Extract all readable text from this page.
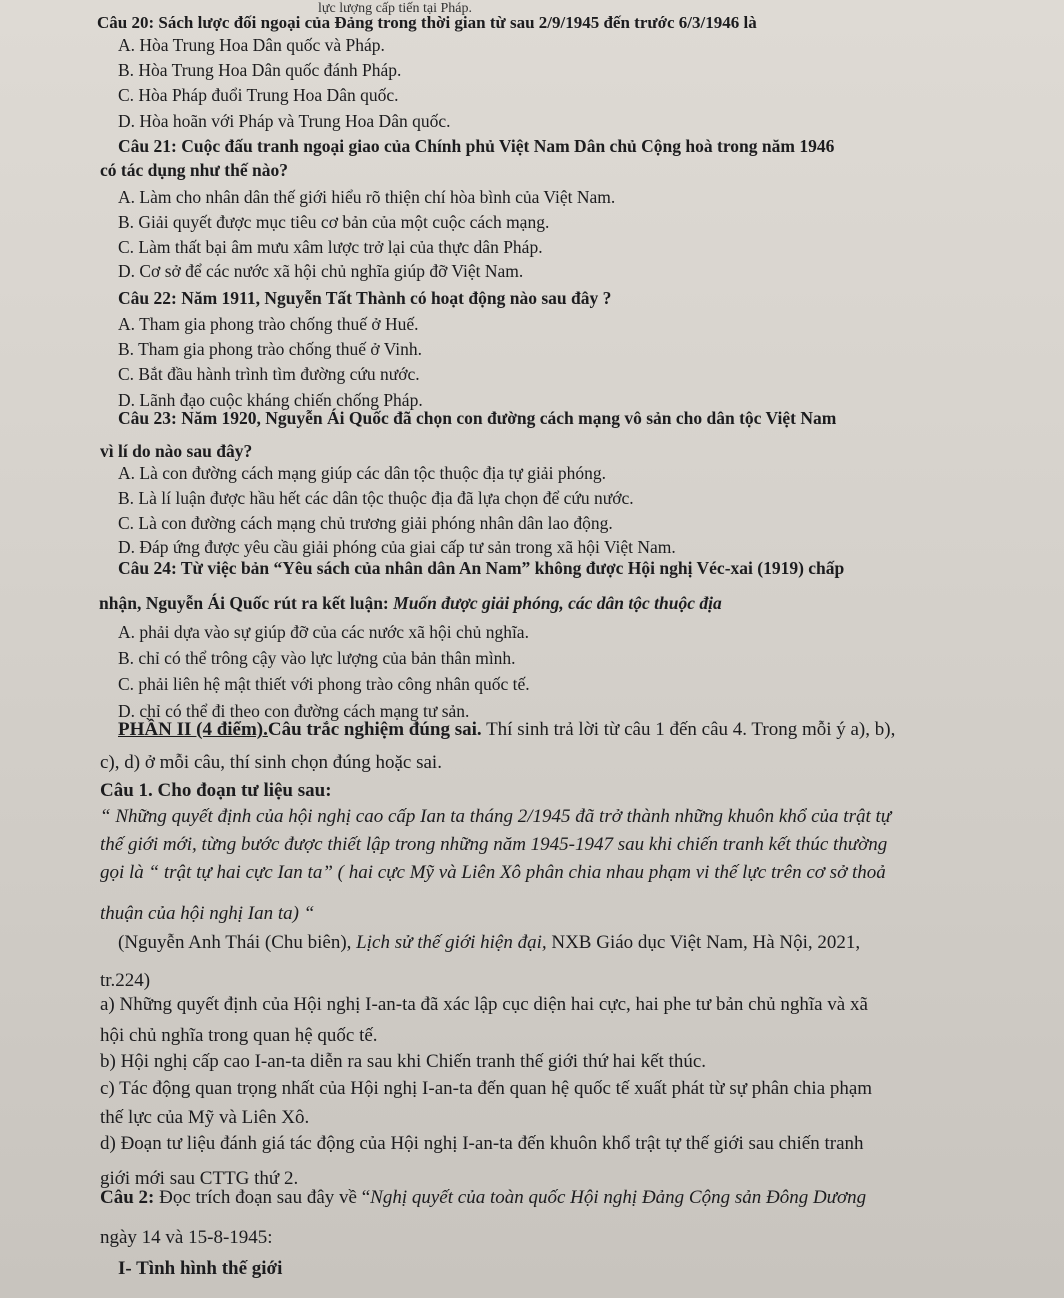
lực lượng cấp tiến tại Pháp.
Câu 20: Sách lược đối ngoại của Đảng trong thời gian từ sau 2/9/1945 đến trước 6/3/1946 là
A. Hòa Trung Hoa Dân quốc và Pháp.
B. Hòa Trung Hoa Dân quốc đánh Pháp.
C. Hòa Pháp đuổi Trung Hoa Dân quốc.
D. Hòa hoãn với Pháp và Trung Hoa Dân quốc.
Câu 21: Cuộc đấu tranh ngoại giao của Chính phủ Việt Nam Dân chủ Cộng hoà trong năm 1946
có tác dụng như thế nào?
A. Làm cho nhân dân thế giới hiểu rõ thiện chí hòa bình của Việt Nam.
B. Giải quyết được mục tiêu cơ bản của một cuộc cách mạng.
C. Làm thất bại âm mưu xâm lược trở lại của thực dân Pháp.
D. Cơ sở để các nước xã hội chủ nghĩa giúp đỡ Việt Nam.
Câu 22: Năm 1911, Nguyễn Tất Thành có hoạt động nào sau đây ?
A. Tham gia phong trào chống thuế ở Huế.
B. Tham gia phong trào chống thuế ở Vinh.
C. Bắt đầu hành trình tìm đường cứu nước.
D. Lãnh đạo cuộc kháng chiến chống Pháp.
Câu 23: Năm 1920, Nguyễn Ái Quốc đã chọn con đường cách mạng vô sản cho dân tộc Việt Nam
vì lí do nào sau đây?
A. Là con đường cách mạng giúp các dân tộc thuộc địa tự giải phóng.
B. Là lí luận được hầu hết các dân tộc thuộc địa đã lựa chọn để cứu nước.
C. Là con đường cách mạng chủ trương giải phóng nhân dân lao động.
D. Đáp ứng được yêu cầu giải phóng của giai cấp tư sản trong xã hội Việt Nam.
Câu 24: Từ việc bản “Yêu sách của nhân dân An Nam” không được Hội nghị Véc-xai (1919) chấp
nhận, Nguyễn Ái Quốc rút ra kết luận: Muốn được giải phóng, các dân tộc thuộc địa
A. phải dựa vào sự giúp đỡ của các nước xã hội chủ nghĩa.
B. chỉ có thể trông cậy vào lực lượng của bản thân mình.
C. phải liên hệ mật thiết với phong trào công nhân quốc tế.
D. chỉ có thể đi theo con đường cách mạng tư sản.
PHẦN II (4 điểm).Câu trắc nghiệm đúng sai. Thí sinh trả lời từ câu 1 đến câu 4. Trong mỗi ý a), b),
c), d) ở mỗi câu, thí sinh chọn đúng hoặc sai.
Câu 1. Cho đoạn tư liệu sau:
“ Những quyết định của hội nghị cao cấp Ian ta tháng 2/1945 đã trở thành những khuôn khổ của trật tự
thế giới mới, từng bước được thiết lập trong những năm 1945-1947 sau khi chiến tranh kết thúc thường
gọi là “ trật tự hai cực Ian ta” ( hai cực Mỹ và Liên Xô phân chia nhau phạm vi thế lực trên cơ sở thoả
thuận của hội nghị Ian ta) “
(Nguyễn Anh Thái (Chu biên), Lịch sử thế giới hiện đại, NXB Giáo dục Việt Nam, Hà Nội, 2021,
tr.224)
a) Những quyết định của Hội nghị I-an-ta đã xác lập cục diện hai cực, hai phe tư bản chủ nghĩa và xã
hội chủ nghĩa trong quan hệ quốc tế.
b) Hội nghị cấp cao I-an-ta diễn ra sau khi Chiến tranh thế giới thứ hai kết thúc.
c) Tác động quan trọng nhất của Hội nghị I-an-ta đến quan hệ quốc tế xuất phát từ sự phân chia phạm
thế lực của Mỹ và Liên Xô.
d) Đoạn tư liệu đánh giá tác động của Hội nghị I-an-ta đến khuôn khổ trật tự thế giới sau chiến tranh
giới mới sau CTTG thứ 2.
Câu 2: Đọc trích đoạn sau đây về “Nghị quyết của toàn quốc Hội nghị Đảng Cộng sản Đông Dương
ngày 14 và 15-8-1945:
I- Tình hình thế giới
